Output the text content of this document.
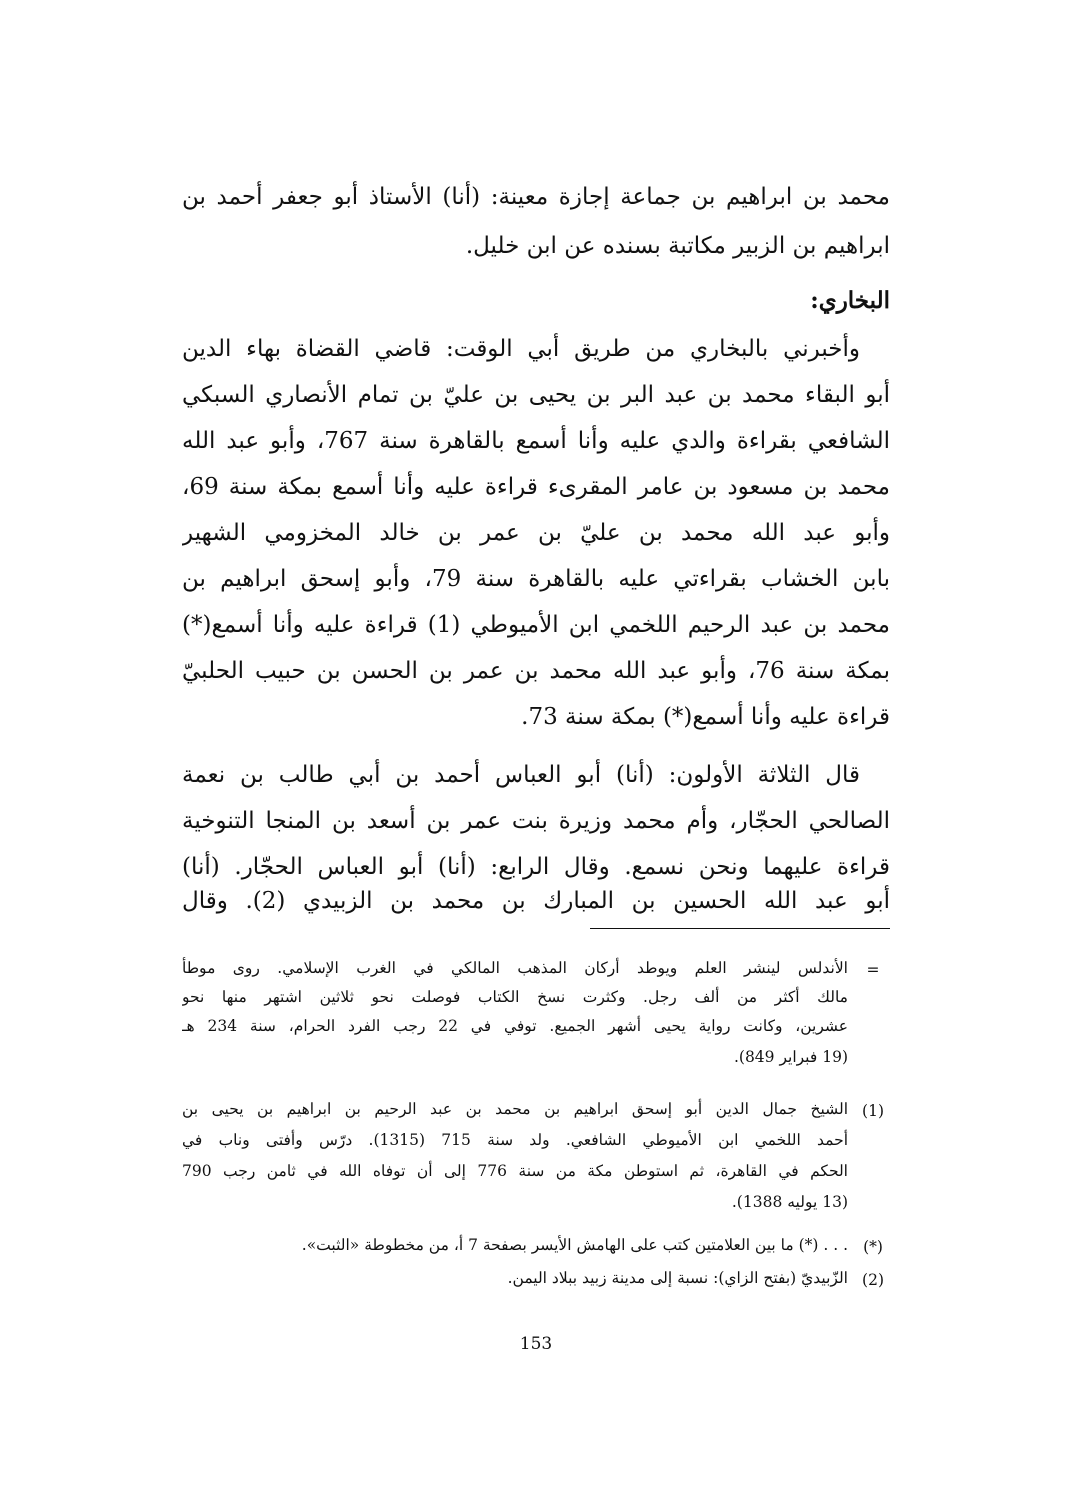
محمد بن ابراهيم بن جماعة إجازة معينة: (أنا) الأستاذ أبو جعفر أحمد بن
ابراهيم بن الزبير مكاتبة بسنده عن ابن خليل.
البخاري:
وأخبرني بالبخاري من طريق أبي الوقت: قاضي القضاة بهاء الدين
أبو البقاء محمد بن عبد البر بن يحيى بن عليّ بن تمام الأنصاري السبكي
الشافعي بقراءة والدي عليه وأنا أسمع بالقاهرة سنة 767، وأبو عبد الله
محمد بن مسعود بن عامر المقرىء قراءة عليه وأنا أسمع بمكة سنة 69،
وأبو عبد الله محمد بن عليّ بن عمر بن خالد المخزومي الشهير
بابن الخشاب بقراءتي عليه بالقاهرة سنة 79، وأبو إسحق ابراهيم بن
محمد بن عبد الرحيم اللخمي ابن الأميوطي (1) قراءة عليه وأنا أسمع(*)
بمكة سنة 76، وأبو عبد الله محمد بن عمر بن الحسن بن حبيب الحلبيّ
قراءة عليه وأنا أسمع(*) بمكة سنة 73.
قال الثلاثة الأولون: (أنا) أبو العباس أحمد بن أبي طالب بن نعمة
الصالحي الحجّار، وأم محمد وزيرة بنت عمر بن أسعد بن المنجا التنوخية
قراءة عليهما ونحن نسمع. وقال الرابع: (أنا) أبو العباس الحجّار. (أنا)
أبو عبد الله الحسين بن المبارك بن محمد بن الزبيدي (2). وقال
=
الأندلس لينشر العلم ويوطد أركان المذهب المالكي في الغرب الإسلامي. روى موطأ
مالك أكثر من ألف رجل. وكثرت نسخ الكتاب فوصلت نحو ثلاثين اشتهر منها نحو
عشرين، وكانت رواية يحيى أشهر الجميع. توفي في 22 رجب الفرد الحرام، سنة 234 هـ
(19 فبراير 849).
(1)
الشيخ جمال الدين أبو إسحق ابراهيم بن محمد بن عبد الرحيم بن ابراهيم بن يحيى بن
أحمد اللخمي ابن الأميوطي الشافعي. ولد سنة 715 (1315). درّس وأفتى وناب في
الحكم في القاهرة، ثم استوطن مكة من سنة 776 إلى أن توفاه الله في ثامن رجب 790
(13 يوليه 1388).
(*)
. . . (*) ما بين العلامتين كتب على الهامش الأيسر بصفحة 7 أ، من مخطوطة «الثبت».
(2)
الزّبيديّ (بفتح الزاي): نسبة إلى مدينة زبيد ببلاد اليمن.
153
